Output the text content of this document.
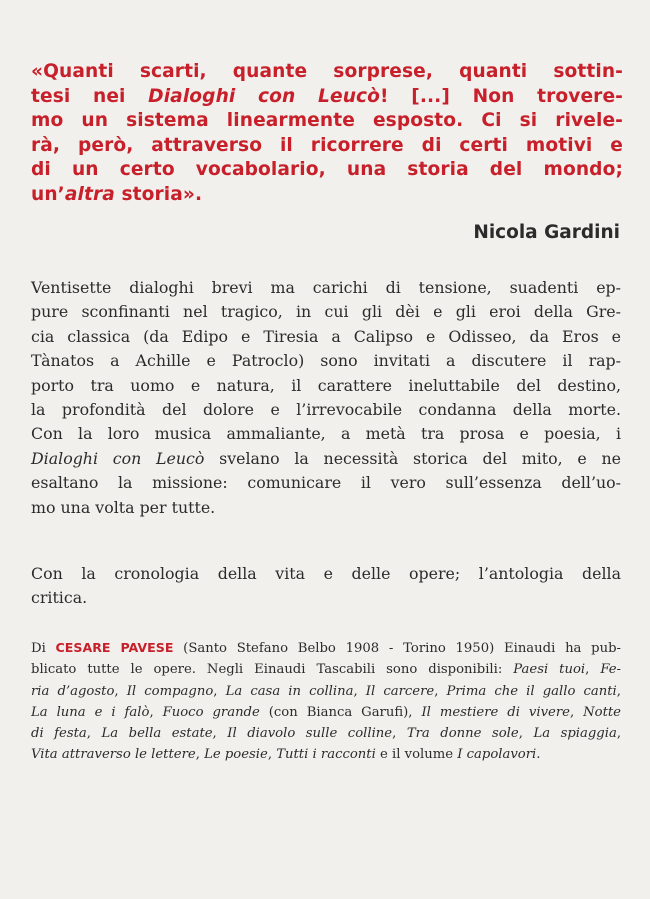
«Quanti scarti, quante sorprese, quanti sottin-
tesi nei Dialoghi con Leucò! [...] Non trovere-
mo un sistema linearmente esposto. Ci si rivele-
rà, però, attraverso il ricorrere di certi motivi e
di un certo vocabolario, una storia del mondo;
un’altra storia».
Nicola Gardini
Ventisette dialoghi brevi ma carichi di tensione, suadenti ep-
pure sconfinanti nel tragico, in cui gli dèi e gli eroi della Gre-
cia classica (da Edipo e Tiresia a Calipso e Odisseo, da Eros e
Tànatos a Achille e Patroclo) sono invitati a discutere il rap-
porto tra uomo e natura, il carattere ineluttabile del destino,
la profondità del dolore e l’irrevocabile condanna della morte.
Con la loro musica ammaliante, a metà tra prosa e poesia, i
Dialoghi con Leucò svelano la necessità storica del mito, e ne
esaltano la missione: comunicare il vero sull’essenza dell’uo-
mo una volta per tutte.
Con la cronologia della vita e delle opere; l’antologia della
critica.
Di CESARE PAVESE (Santo Stefano Belbo 1908 - Torino 1950) Einaudi ha pub-
blicato tutte le opere. Negli Einaudi Tascabili sono disponibili: Paesi tuoi, Fe-
ria d’agosto, Il compagno, La casa in collina, Il carcere, Prima che il gallo canti,
La luna e i falò, Fuoco grande (con Bianca Garufi), Il mestiere di vivere, Notte
di festa, La bella estate, Il diavolo sulle colline, Tra donne sole, La spiaggia,
Vita attraverso le lettere, Le poesie, Tutti i racconti e il volume I capolavori.
